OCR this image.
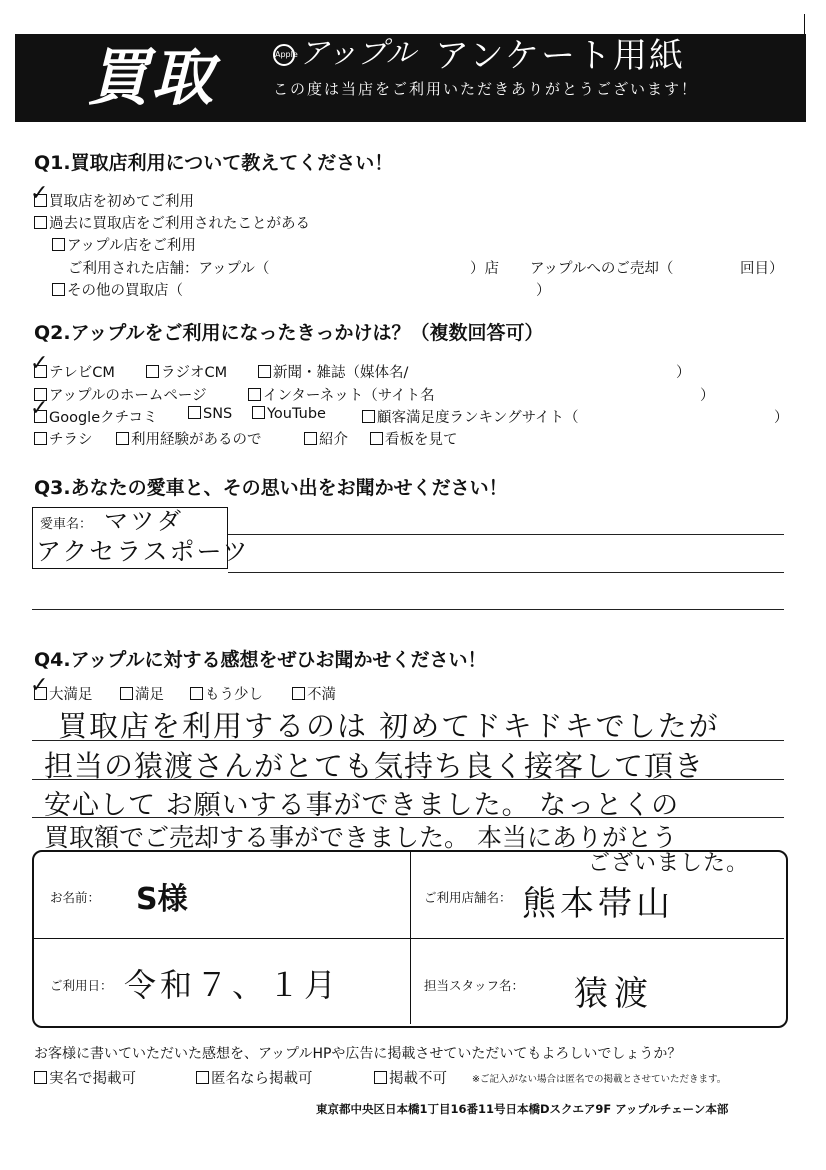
買取	Apple アップル アンケート用紙
この度は当店をご利用いただきありがとうございます！
Q1.買取店利用について教えてください！
買取店を初めてご利用
✓
過去に買取店をご利用されたことがある
アップル店をご利用
ご利用された店舗：アップル（	）店 アップルへのご売却（	回目）
その他の買取店（	）
Q2.アップルをご利用になったきっかけは？（複数回答可）
テレビCM
✓	ラジオCM	新聞・雑誌（媒体名/	）
アップルのホームページ	インターネット（サイト名	）
Googleクチコミ
✓	SNS	YouTube	顧客満足度ランキングサイト（	）
チラシ	利用経験があるので	紹介	看板を見て
Q3.あなたの愛車と、その思い出をお聞かせください！
愛車名： マツダ
アクセラスポーツ
Q4.アップルに対する感想をぜひお聞かせください！
大満足
✓	満足	もう少し	不満
買取店を利用するのは 初めてドキドキでしたが
担当の猿渡さんがとても気持ち良く接客して頂き
安心して お願いする事ができました。 なっとくの
買取額でご売却する事ができました。 本当にありがとう
ございました。
お名前： S様	ご利用店舗名： 熊本帯山
ご利用日： 令和７、１月	担当スタッフ名： 猿渡
お客様に書いていただいた感想を、アップルHPや広告に掲載させていただいてもよろしいでしょうか？
実名で掲載可	匿名なら掲載可	掲載不可	※ご記入がない場合は匿名での掲載とさせていただきます。
東京都中央区日本橋1丁目16番11号日本橋Dスクエア9F アップルチェーン本部
